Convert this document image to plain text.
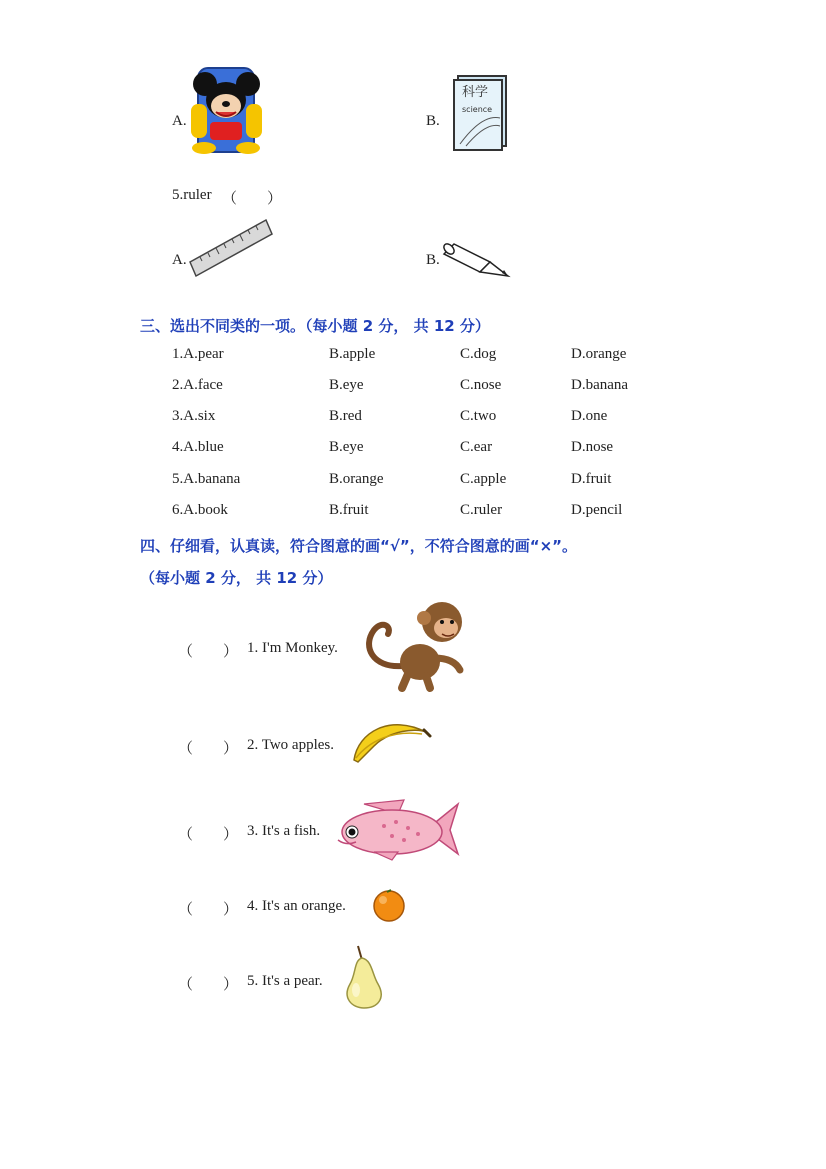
A.	B.
科学
science
5.ruler （　　）
A.	B.
三、选出不同类的一项。（每小题 2 分， 共 12 分）
1.A.pear	B.apple	C.dog	D.orange
2.A.face	B.eye	C.nose	D.banana
3.A.six	B.red	C.two	D.one
4.A.blue	B.eye	C.ear	D.nose
5.A.banana	B.orange	C.apple	D.fruit
6.A.book	B.fruit	C.ruler	D.pencil
四、仔细看，认真读，符合图意的画“√”，不符合图意的画“×”。
（每小题 2 分， 共 12 分）
（　　） 1. I'm Monkey.
（　　） 2. Two apples.
（　　） 3. It's a fish.
（　　） 4. It's an orange.
（　　） 5. It's a pear.
